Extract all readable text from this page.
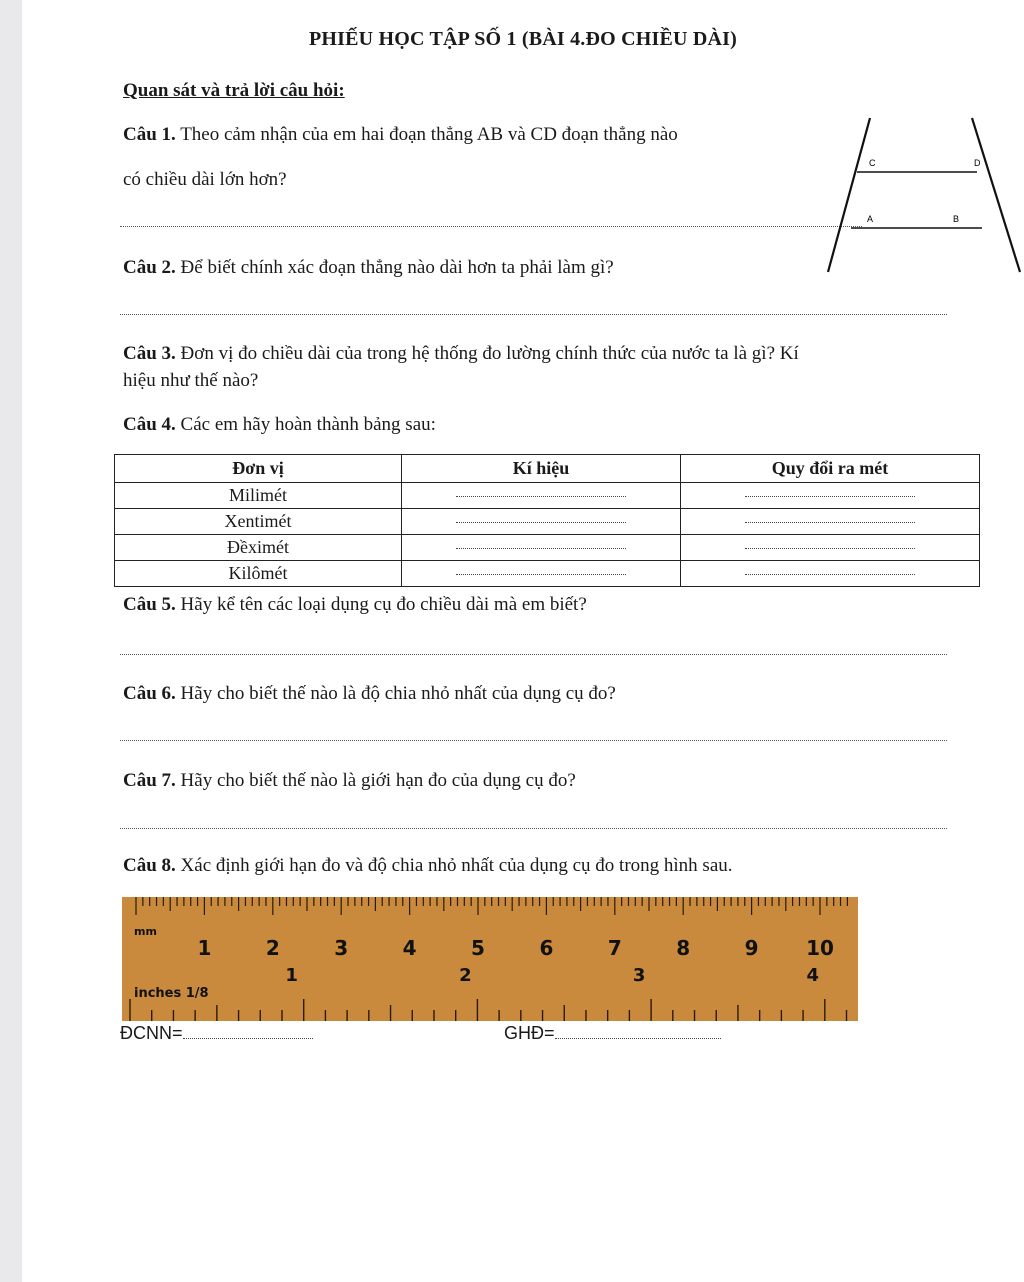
PHIẾU HỌC TẬP SỐ 1 (BÀI 4.ĐO CHIỀU DÀI)
Quan sát và trả lời câu hỏi:
Câu 1. Theo cảm nhận của em hai đoạn thẳng AB và CD đoạn thẳng nào
có chiều dài lớn hơn?
C	D
A	B
Câu 2. Để biết chính xác đoạn thẳng nào dài hơn ta phải làm gì?
Câu 3. Đơn vị đo chiều dài của trong hệ thống đo lường chính thức của nước ta là gì? Kí
hiệu như thế nào?
Câu 4. Các em hãy hoàn thành bảng sau:
Đơn vị	Kí hiệu	Quy đổi ra mét
Milimét		
Xentimét		
Đềximét		
Kilômét		
Câu 5. Hãy kể tên các loại dụng cụ đo chiều dài mà em biết?
Câu 6. Hãy cho biết thế nào là độ chia nhỏ nhất của dụng cụ đo?
Câu 7. Hãy cho biết thế nào là giới hạn đo của dụng cụ đo?
Câu 8. Xác định giới hạn đo và độ chia nhỏ nhất của dụng cụ đo trong hình sau.
1	2	3	4	5	6	7	8	9 10
mm
1	2	3	4
inches 1/8
ĐCNN=	GHĐ=
